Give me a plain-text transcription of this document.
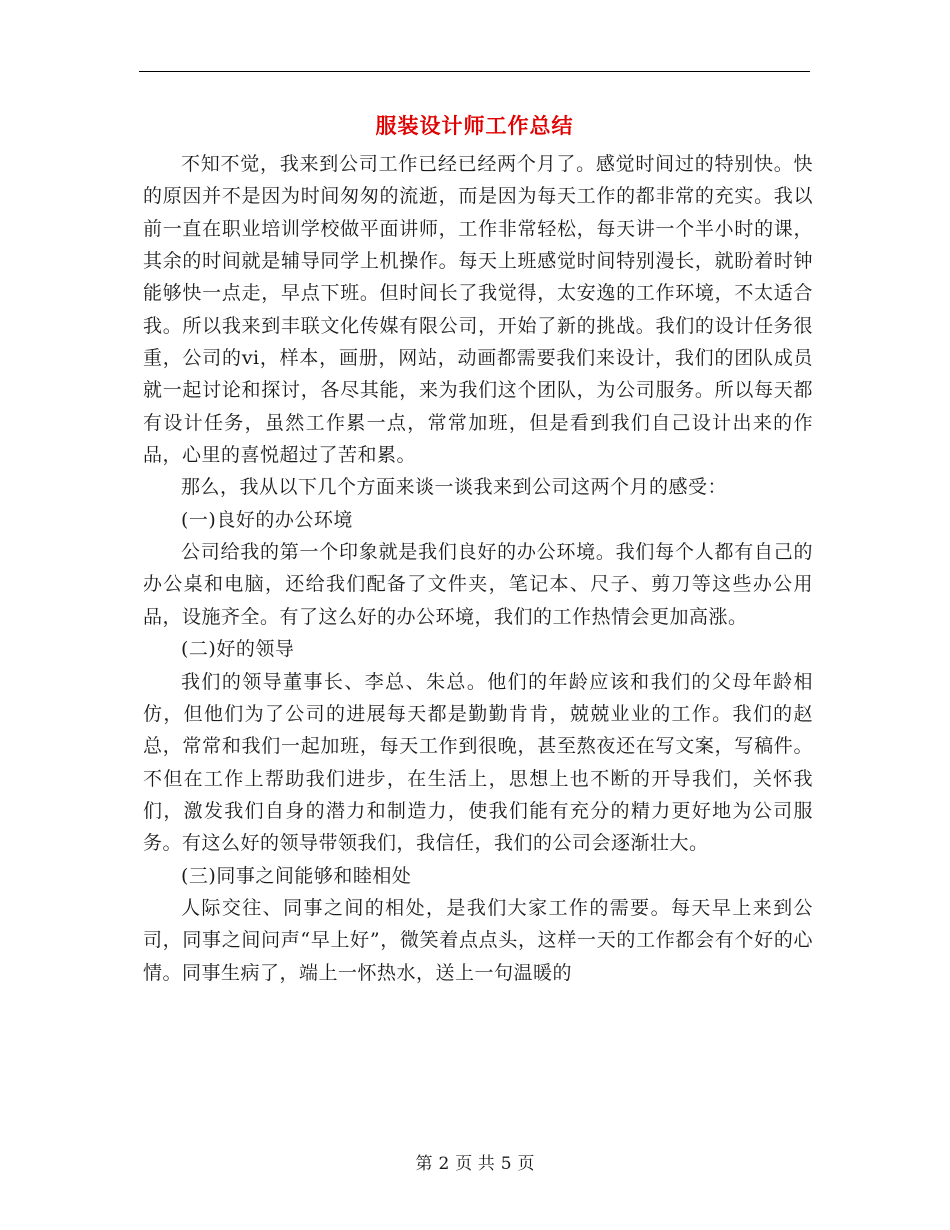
服装设计师工作总结

不知不觉，我来到公司工作已经已经两个月了。感觉时间过的特别快。快的原因并不是因为时间匆匆的流逝，而是因为每天工作的都非常的充实。我以前一直在职业培训学校做平面讲师，工作非常轻松，每天讲一个半小时的课，其余的时间就是辅导同学上机操作。每天上班感觉时间特别漫长，就盼着时钟能够快一点走，早点下班。但时间长了我觉得，太安逸的工作环境，不太适合我。所以我来到丰联文化传媒有限公司，开始了新的挑战。我们的设计任务很重，公司的vi，样本，画册，网站，动画都需要我们来设计，我们的团队成员就一起讨论和探讨，各尽其能，来为我们这个团队，为公司服务。所以每天都有设计任务，虽然工作累一点，常常加班，但是看到我们自己设计出来的作品，心里的喜悦超过了苦和累。

那么，我从以下几个方面来谈一谈我来到公司这两个月的感受：

(一)良好的办公环境

公司给我的第一个印象就是我们良好的办公环境。我们每个人都有自己的办公桌和电脑，还给我们配备了文件夹，笔记本、尺子、剪刀等这些办公用品，设施齐全。有了这么好的办公环境，我们的工作热情会更加高涨。

(二)好的领导

我们的领导董事长、李总、朱总。他们的年龄应该和我们的父母年龄相仿，但他们为了公司的进展每天都是勤勤肯肯，兢兢业业的工作。我们的赵总，常常和我们一起加班，每天工作到很晚，甚至熬夜还在写文案，写稿件。不但在工作上帮助我们进步，在生活上，思想上也不断的开导我们，关怀我们，激发我们自身的潜力和制造力，使我们能有充分的精力更好地为公司服务。有这么好的领导带领我们，我信任，我们的公司会逐渐壮大。

(三)同事之间能够和睦相处

人际交往、同事之间的相处，是我们大家工作的需要。每天早上来到公司，同事之间问声“早上好”，微笑着点点头，这样一天的工作都会有个好的心情。同事生病了，端上一怀热水，送上一句温暖的

第 2 页 共 5 页
